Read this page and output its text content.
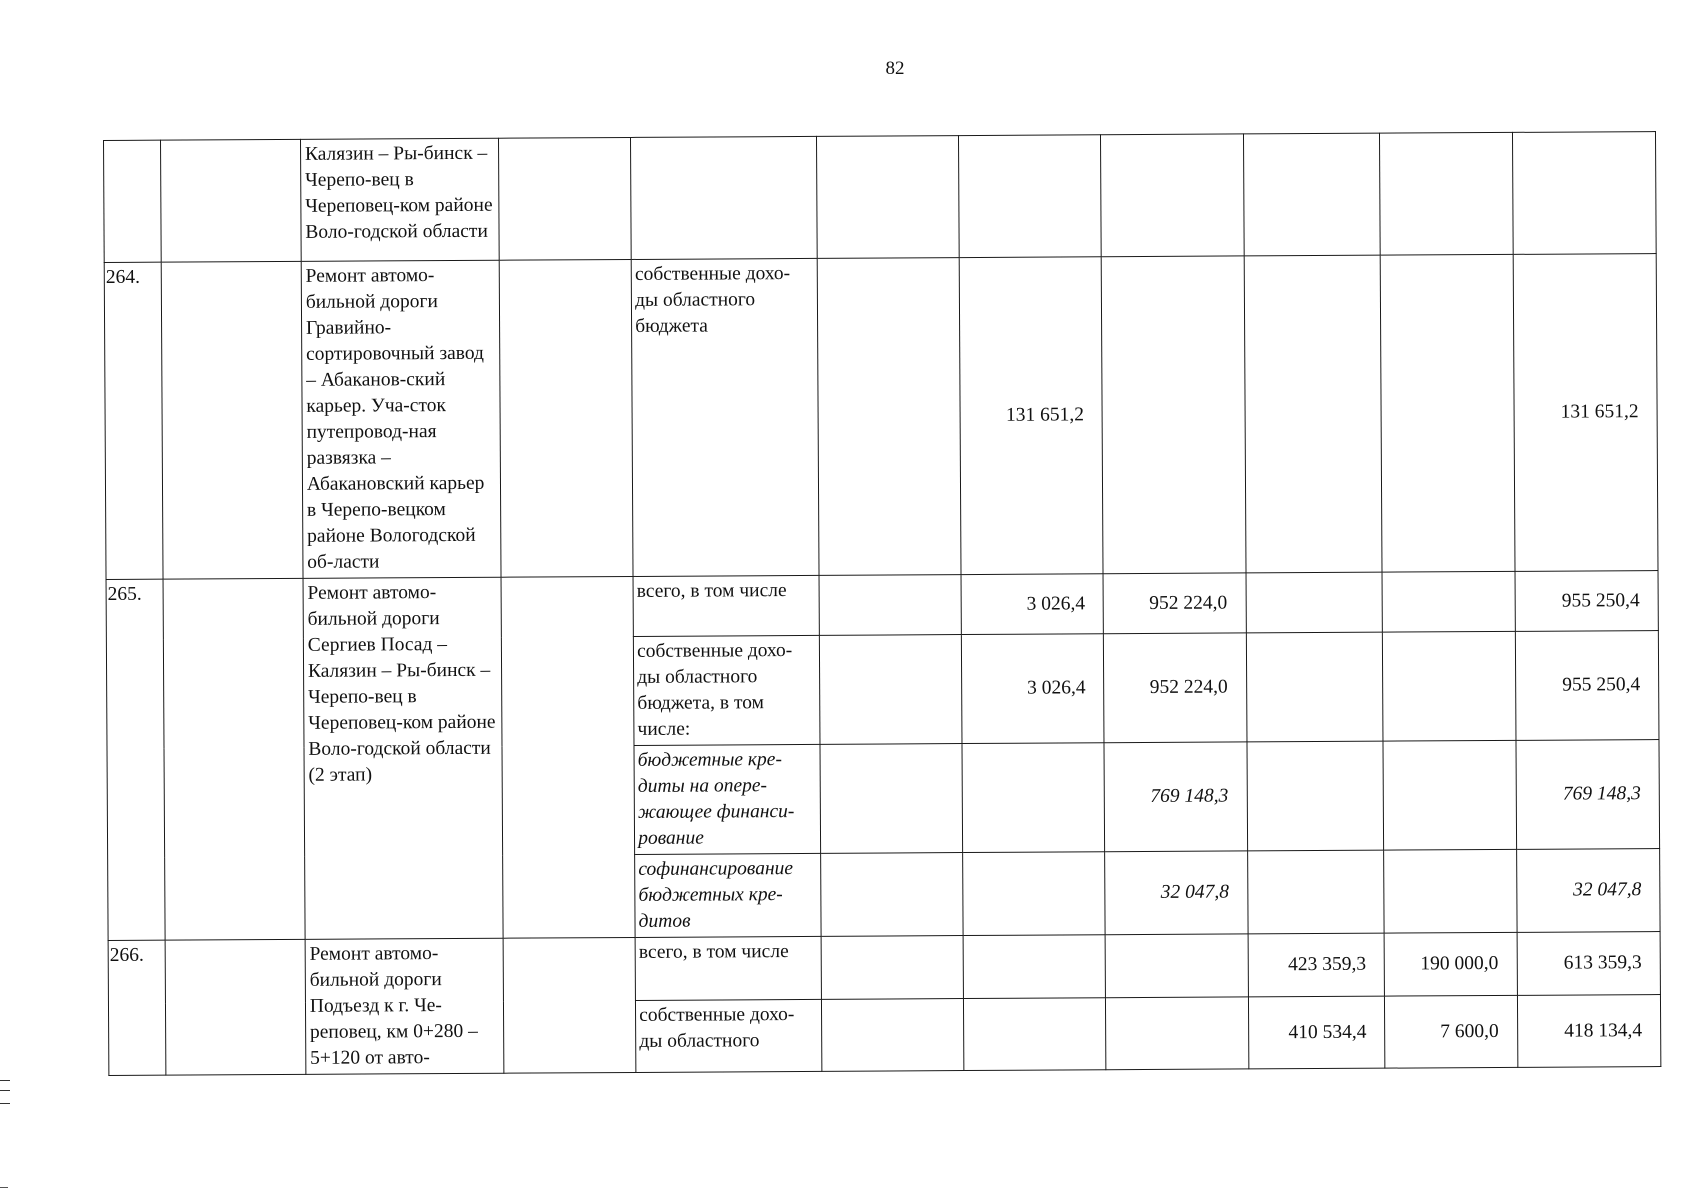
82
		Калязин – Ры-бинск – Черепо-вец в Череповец-ком районе Воло-годской области								
264.		Ремонт автомо-бильной дороги Гравийно-сортировочный завод – Абаканов-ский карьер. Уча-сток путепровод-ная развязка – Абакановский карьер в Черепо-вецком районе Вологодской об-ласти		собственные дохо-ды областного бюджета		131 651,2				131 651,2
265.		Ремонт автомо-бильной дороги Сергиев Посад – Калязин – Ры-бинск – Черепо-вец в Череповец-ком районе Воло-годской области (2 этап)		всего, в том числе		3 026,4	952 224,0			955 250,4
				собственные дохо-ды областного бюджета, в том числе:		3 026,4	952 224,0			955 250,4
				бюджетные кре-диты на опере-жающее финанси-рование			769 148,3			769 148,3
				софинансирование бюджетных кре-дитов			32 047,8			32 047,8
266.		Ремонт автомо-бильной дороги Подъезд к г. Че-реповец, км 0+280 – 5+120 от авто-		всего, в том числе				423 359,3	190 000,0	613 359,3
				собственные дохо-ды областного				410 534,4	7 600,0	418 134,4
